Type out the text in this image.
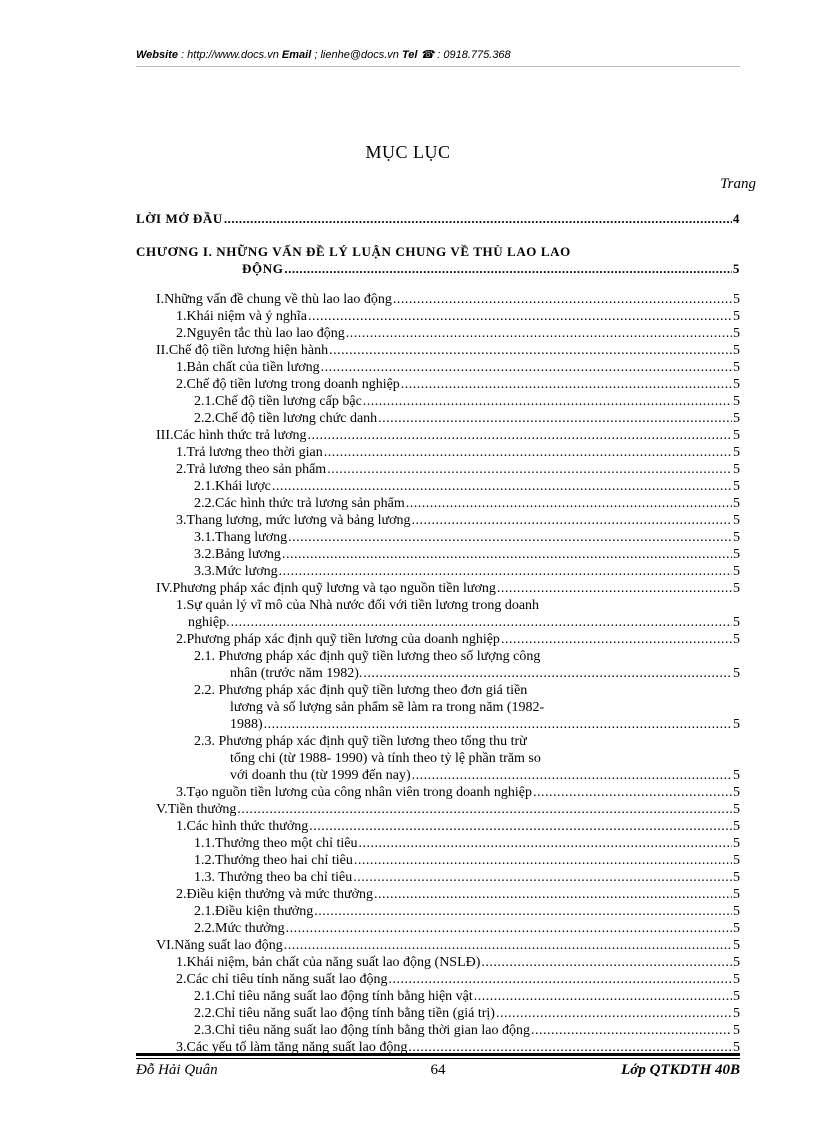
Website : http://www.docs.vn Email ; lienhe@docs.vn Tel ☎ : 0918.775.368
MỤC LỤC
Trang
LỜI MỞ ĐẦU .....	4
CHƯƠNG I. NHỮNG VẤN ĐỀ LÝ LUẬN CHUNG VỀ THÙ LAO LAO
ĐỘNG .....	5
I.Những vấn đề chung về thù lao lao động .....	5
1.Khái niệm và ý nghĩa .....	5
2.Nguyên tắc thù lao lao động .....	5
II.Chế độ tiền lương hiện hành .....	5
1.Bản chất của tiền lương .....	5
2.Chế độ tiền lương trong doanh nghiệp .....	5
2.1.Chế độ tiền lương cấp bậc .....	5
2.2.Chế độ tiền lương chức danh .....	5
III.Các hình thức trả lương .....	5
1.Trả lương theo thời gian .....	5
2.Trả lương theo sản phẩm .....	5
2.1.Khái lược .....	5
2.2.Các hình thức trả lương sản phẩm .....	5
3.Thang lương, mức lương và bảng lương .....	5
3.1.Thang lương .....	5
3.2.Bảng lương .....	5
3.3.Mức lương .....	5
IV.Phương pháp xác định quỹ lương và tạo nguồn tiền lương .....	5
1.Sự quản lý vĩ mô của Nhà nước đối với tiền lương trong doanh
nghiệp. .....	5
2.Phương pháp xác định quỹ tiền lương của doanh nghiệp .....	5
2.1. Phương pháp xác định quỹ tiền lương theo số lượng công
nhân (trước năm 1982). .....	5
2.2. Phương pháp xác định quỹ tiền lương theo đơn giá tiền
lương và số lượng sản phẩm sẽ làm ra trong năm (1982-
1988) .....	5
2.3. Phương pháp xác định quỹ tiền lương theo tổng thu trừ
tổng chi (từ 1988- 1990) và tính theo tỷ lệ phần trăm so
với doanh thu (từ 1999 đến nay) .....	5
3.Tạo nguồn tiền lương của công nhân viên trong doanh nghiệp .....	5
V.Tiền thưởng .....	5
1.Các hình thức thưởng .....	5
1.1.Thưởng theo một chỉ tiêu .....	5
1.2.Thưởng theo hai chỉ tiêu .....	5
1.3. Thưởng theo ba chỉ tiêu .....	5
2.Điều kiện thưởng và mức thưởng .....	5
2.1.Điều kiện thưởng .....	5
2.2.Mức thưởng .....	5
VI.Năng suất lao động .....	5
1.Khái niệm, bản chất của năng suất lao động (NSLĐ) .....	5
2.Các chỉ tiêu tính năng suất lao động .....	5
2.1.Chỉ tiêu năng suất lao động tính bằng hiện vật .....	5
2.2.Chỉ tiêu năng suất lao động tính bằng tiền (giá trị) .....	5
2.3.Chỉ tiêu năng suất lao động tính bằng thời gian lao động .....	5
3.Các yếu tố làm tăng năng suất lao động .....	5
Đỗ Hải Quân	64	Lớp QTKDTH 40B
